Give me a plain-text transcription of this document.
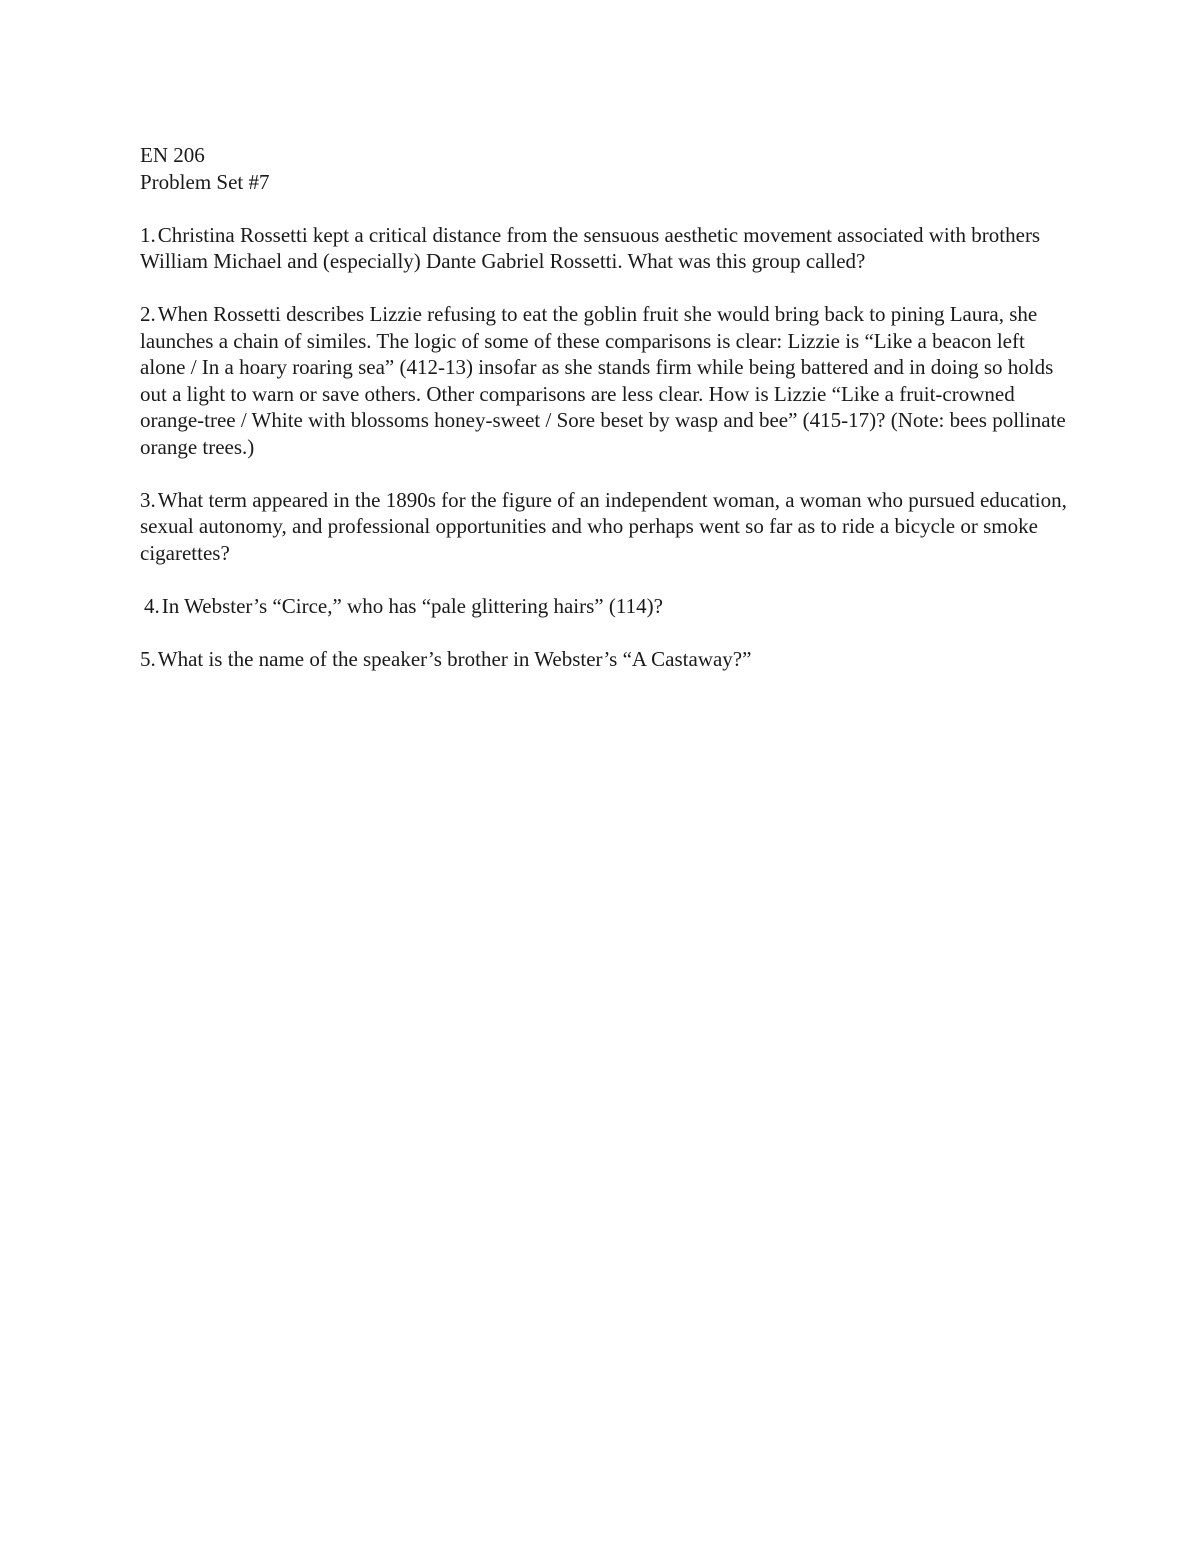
EN 206

Problem Set #7

1.Christina Rossetti kept a critical distance from the sensuous aesthetic movement associated with brothers William Michael and (especially) Dante Gabriel Rossetti. What was this group called?

2.When Rossetti describes Lizzie refusing to eat the goblin fruit she would bring back to pining Laura, she launches a chain of similes. The logic of some of these comparisons is clear: Lizzie is “Like a beacon left alone / In a hoary roaring sea” (412-13) insofar as she stands firm while being battered and in doing so holds out a light to warn or save others. Other comparisons are less clear. How is Lizzie “Like a fruit-crowned orange-tree / White with blossoms honey-sweet / Sore beset by wasp and bee” (415-17)? (Note: bees pollinate orange trees.)

3.What term appeared in the 1890s for the figure of an independent woman, a woman who pursued education, sexual autonomy, and professional opportunities and who perhaps went so far as to ride a bicycle or smoke cigarettes?

4.In Webster’s “Circe,” who has “pale glittering hairs” (114)?

5.What is the name of the speaker’s brother in Webster’s “A Castaway?”
